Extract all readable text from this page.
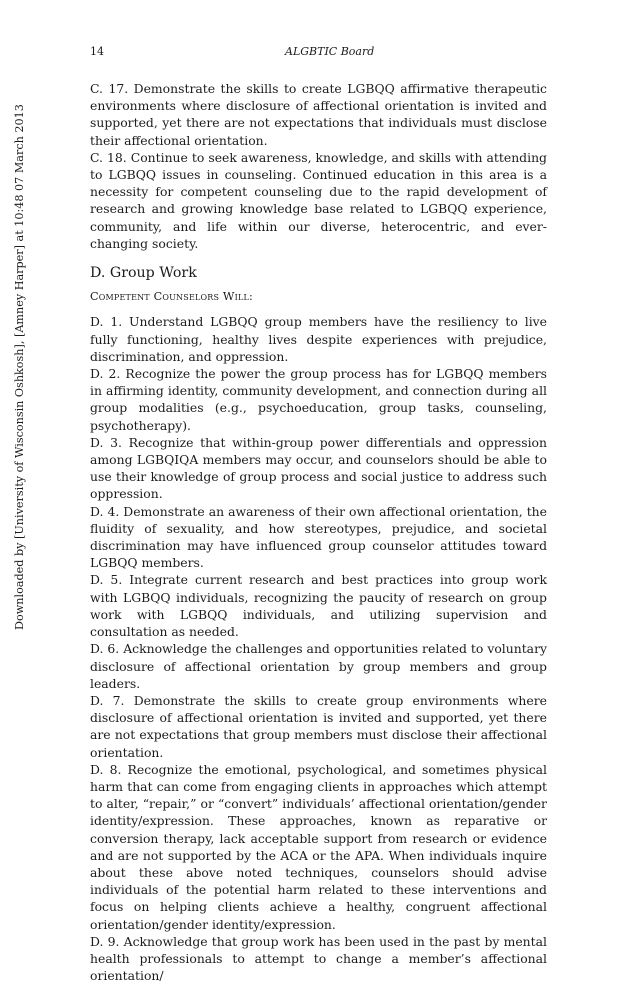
14	ALGBTIC Board
Downloaded by [University of Wisconsin Oshkosh], [Amney Harper] at 10:48 07 March 2013

C. 17. Demonstrate the skills to create LGBQQ affirmative therapeutic environments where disclosure of affectional orientation is invited and supported, yet there are not expectations that individuals must disclose their affectional orientation.

C. 18. Continue to seek awareness, knowledge, and skills with attending to LGBQQ issues in counseling. Continued education in this area is a necessity for competent counseling due to the rapid development of research and growing knowledge base related to LGBQQ experience, community, and life within our diverse, heterocentric, and ever-changing society.

D. Group Work

Competent Counselors Will:

D. 1. Understand LGBQQ group members have the resiliency to live fully functioning, healthy lives despite experiences with prejudice, discrimination, and oppression.

D. 2. Recognize the power the group process has for LGBQQ members in affirming identity, community development, and connection during all group modalities (e.g., psychoeducation, group tasks, counseling, psychotherapy).

D. 3. Recognize that within-group power differentials and oppression among LGBQIQA members may occur, and counselors should be able to use their knowledge of group process and social justice to address such oppression.

D. 4. Demonstrate an awareness of their own affectional orientation, the fluidity of sexuality, and how stereotypes, prejudice, and societal discrimination may have influenced group counselor attitudes toward LGBQQ members.

D. 5. Integrate current research and best practices into group work with LGBQQ individuals, recognizing the paucity of research on group work with LGBQQ individuals, and utilizing supervision and consultation as needed.

D. 6. Acknowledge the challenges and opportunities related to voluntary disclosure of affectional orientation by group members and group leaders.

D. 7. Demonstrate the skills to create group environments where disclosure of affectional orientation is invited and supported, yet there are not expectations that group members must disclose their affectional orientation.

D. 8. Recognize the emotional, psychological, and sometimes physical harm that can come from engaging clients in approaches which attempt to alter, “repair,” or “convert” individuals’ affectional orientation/gender identity/expression. These approaches, known as reparative or conversion therapy, lack acceptable support from research or evidence and are not supported by the ACA or the APA. When individuals inquire about these above noted techniques, counselors should advise individuals of the potential harm related to these interventions and focus on helping clients achieve a healthy, congruent affectional orientation/gender identity/expression.

D. 9. Acknowledge that group work has been used in the past by mental health professionals to attempt to change a member’s affectional orientation/
